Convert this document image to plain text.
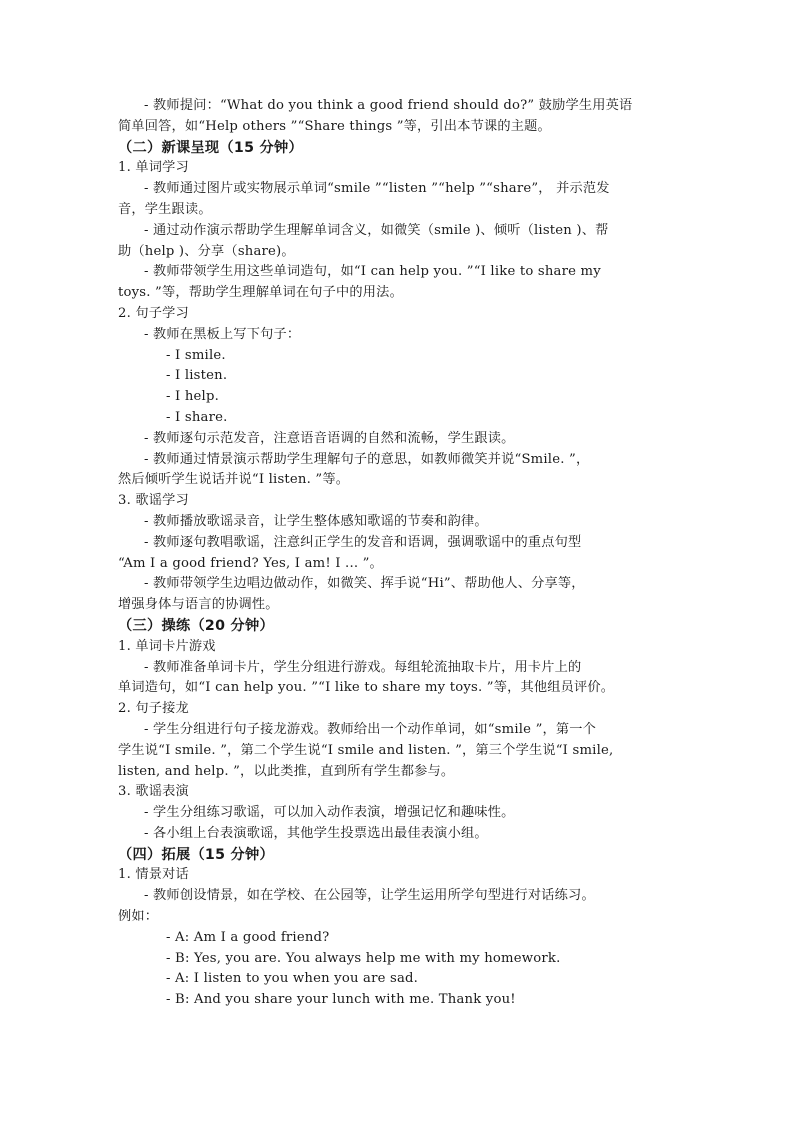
- 教师提问：“What do you think a good friend should do?” 鼓励学生用英语
简单回答，如“Help others ”“Share things ”等，引出本节课的主题。
（二）新课呈现（15 分钟）
1. 单词学习
- 教师通过图片或实物展示单词“smile ”“listen ”“help ”“share”， 并示范发
音，学生跟读。
- 通过动作演示帮助学生理解单词含义，如微笑（smile )、倾听（listen )、帮
助（help )、分享（share)。
- 教师带领学生用这些单词造句，如“I can help you. ”“I like to share my
toys. ”等，帮助学生理解单词在句子中的用法。
2. 句子学习
- 教师在黑板上写下句子：
- I smile.
- I listen.
- I help.
- I share.
- 教师逐句示范发音，注意语音语调的自然和流畅，学生跟读。
- 教师通过情景演示帮助学生理解句子的意思，如教师微笑并说“Smile. ”，
然后倾听学生说话并说“I listen. ”等。
3. 歌谣学习
- 教师播放歌谣录音，让学生整体感知歌谣的节奏和韵律。
- 教师逐句教唱歌谣，注意纠正学生的发音和语调，强调歌谣中的重点句型
“Am I a good friend? Yes, I am! I ... ”。
- 教师带领学生边唱边做动作，如微笑、挥手说“Hi”、帮助他人、分享等，
增强身体与语言的协调性。
（三）操练（20 分钟）
1. 单词卡片游戏
- 教师准备单词卡片，学生分组进行游戏。每组轮流抽取卡片，用卡片上的
单词造句，如“I can help you. ”“I like to share my toys. ”等，其他组员评价。
2. 句子接龙
- 学生分组进行句子接龙游戏。教师给出一个动作单词，如“smile ”，第一个
学生说“I smile. ”，第二个学生说“I smile and listen. ”，第三个学生说“I smile,
listen, and help. ”，以此类推，直到所有学生都参与。
3. 歌谣表演
- 学生分组练习歌谣，可以加入动作表演，增强记忆和趣味性。
- 各小组上台表演歌谣，其他学生投票选出最佳表演小组。
（四）拓展（15 分钟）
1. 情景对话
- 教师创设情景，如在学校、在公园等，让学生运用所学句型进行对话练习。
例如：
- A: Am I a good friend?
- B: Yes, you are. You always help me with my homework.
- A: I listen to you when you are sad.
- B: And you share your lunch with me. Thank you!
